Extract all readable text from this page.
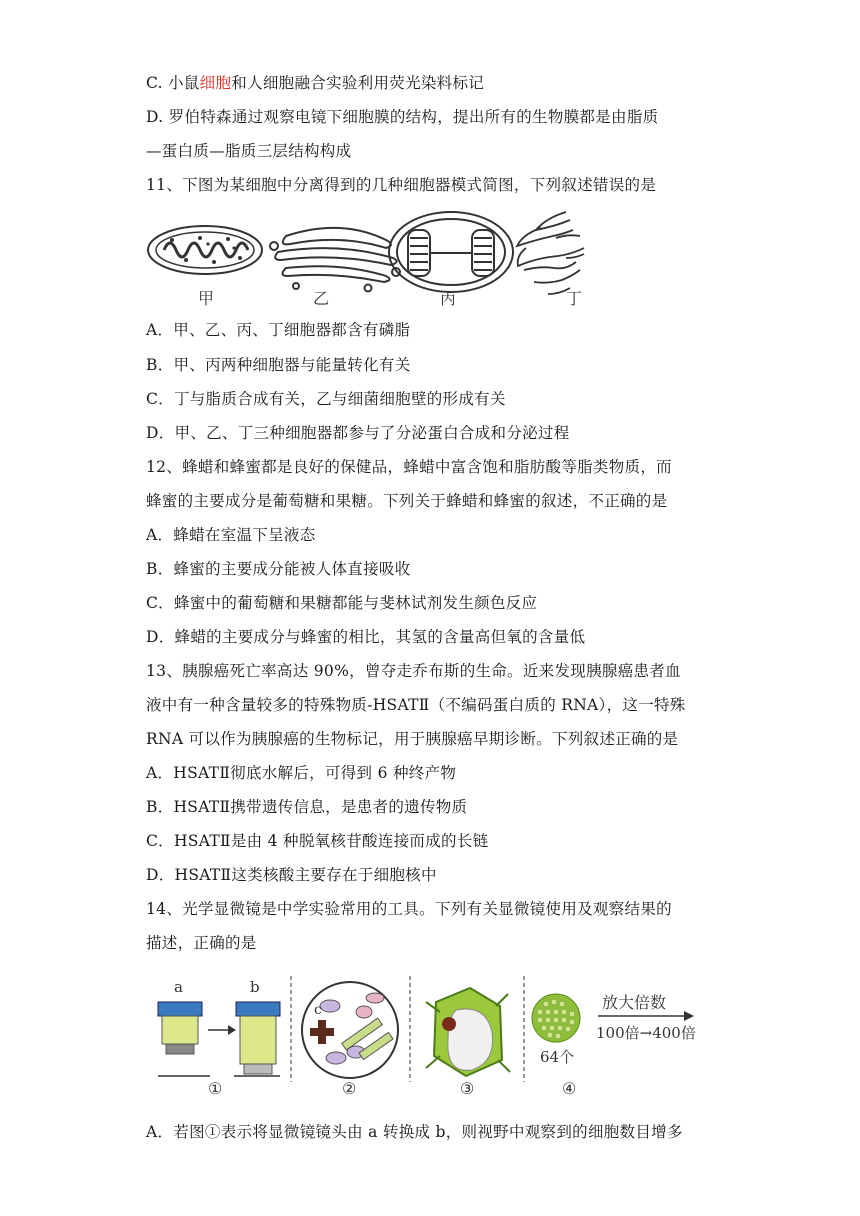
C. 小鼠细胞和人细胞融合实验利用荧光染料标记
D. 罗伯特森通过观察电镜下细胞膜的结构，提出所有的生物膜都是由脂质
—蛋白质—脂质三层结构构成
11、下图为某细胞中分离得到的几种细胞器模式简图，下列叙述错误的是
甲	乙	丙	丁
A．甲、乙、丙、丁细胞器都含有磷脂
B．甲、丙两种细胞器与能量转化有关
C．丁与脂质合成有关，乙与细菌细胞壁的形成有关
D．甲、乙、丁三种细胞器都参与了分泌蛋白合成和分泌过程
12、蜂蜡和蜂蜜都是良好的保健品，蜂蜡中富含饱和脂肪酸等脂类物质，而
蜂蜜的主要成分是葡萄糖和果糖。下列关于蜂蜡和蜂蜜的叙述，不正确的是
A．蜂蜡在室温下呈液态
B．蜂蜜的主要成分能被人体直接吸收
C．蜂蜜中的葡萄糖和果糖都能与斐林试剂发生颜色反应
D．蜂蜡的主要成分与蜂蜜的相比，其氢的含量高但氧的含量低
13、胰腺癌死亡率高达 90%，曾夺走乔布斯的生命。近来发现胰腺癌患者血
液中有一种含量较多的特殊物质-HSATⅡ（不编码蛋白质的 RNA），这一特殊
RNA 可以作为胰腺癌的生物标记，用于胰腺癌早期诊断。下列叙述正确的是
A．HSATⅡ彻底水解后，可得到 6 种终产物
B．HSATⅡ携带遗传信息，是患者的遗传物质
C．HSATⅡ是由 4 种脱氧核苷酸连接而成的长链
D．HSATⅡ这类核酸主要存在于细胞核中
14、光学显微镜是中学实验常用的工具。下列有关显微镜使用及观察结果的
描述，正确的是
a	b
①
c
②	③
放大倍数
100倍→400倍
64个
④
A．若图①表示将显微镜镜头由 a 转换成 b，则视野中观察到的细胞数目增多
